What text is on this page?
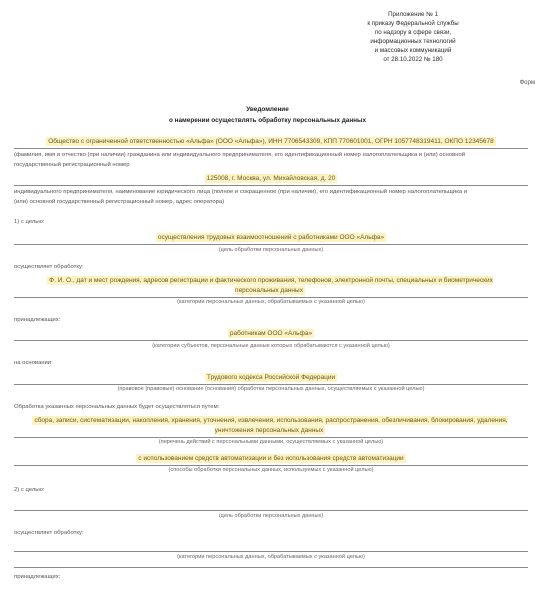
Приложение № 1
к приказу Федеральной службы
по надзору в сфере связи,
информационных технологий
и массовых коммуникаций
от 28.10.2022 № 180
Форм
Уведомление
о намерении осуществлять обработку персональных данных
Общество с ограниченной ответственностью «Альфа» (ООО «Альфа»), ИНН 7706543309, КПП 770601001, ОГРН 1057748319411, ОКПО 12345678
(фамилия, имя и отчество (при наличии) гражданина или индивидуального предпринимателя, его идентификационный номер налогоплательщика и (или) основной
государственный регистрационный номер
125008, г. Москва, ул. Михайловская, д. 20
индивидуального предпринимателя, наименование юридического лица (полное и сокращенное (при наличии), его идентификационный номер налогоплательщика и
(или) основной государственный регистрационный номер, адрес оператора)
1) с целью:
осуществления трудовых взаимоотношений с работниками ООО «Альфа»
(цель обработки персональных данных)
осуществляет обработку:
Ф. И. О., дат и мест рождения, адресов регистрации и фактического проживания, телефонов, электронной почты, специальных и биометрических персональных данных
(категории персональных данных, обрабатываемых с указанной целью)
принадлежащих:
работникам ООО «Альфа»
(категории субъектов, персональные данные которых обрабатываются с указанной целью)
на основании:
Трудового кодекса Российской Федерации
(правовое (правовые) основание (основания) обработки персональных данных, осуществляемых с указанной целью)
Обработка указанных персональных данных будет осуществляться путем:
сбора, записи, систематизации, накопления, хранения, уточнения, извлечения, использования, распространения, обезличивания, блокирования, удаления, уничтожения персональных данных
(перечень действий с персональными данными, осуществляемых с указанной целью)
с использованием средств автоматизации и без использования средств автоматизации
(способы обработки персональных данных, используемых с указанной целью)
2) с целью:
(цель обработки персональных данных)
осуществляет обработку:
(категории персональных данных, обрабатываемых с указанной целью)
принадлежащих:
